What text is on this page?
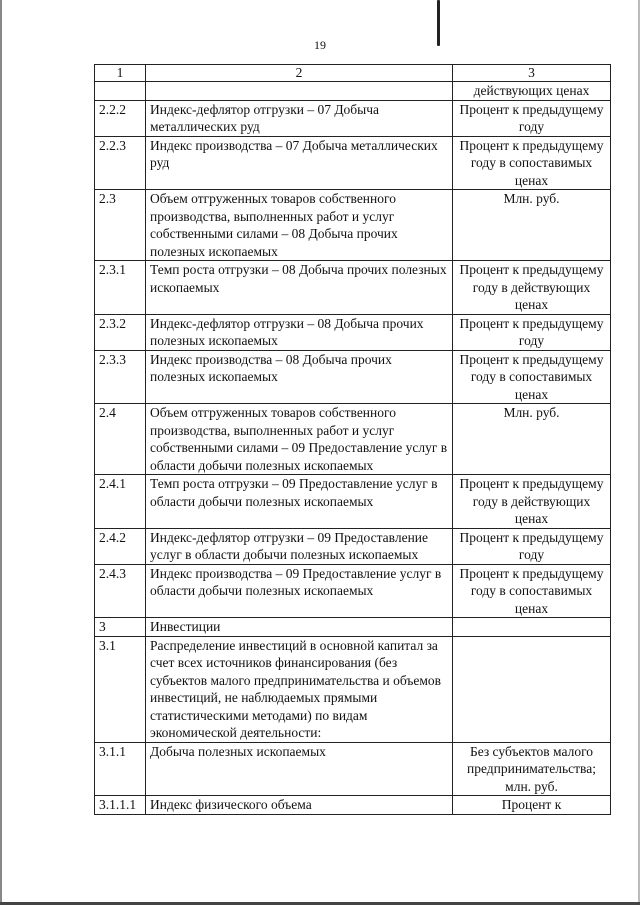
19
1	2	3
		действующих ценах
2.2.2	Индекс-дефлятор отгрузки – 07 Добыча металлических руд	Процент к предыдущему году
2.2.3	Индекс производства – 07 Добыча металлических руд	Процент к предыдущему году в сопоставимых ценах
2.3	Объем отгруженных товаров собственного производства, выполненных работ и услуг собственными силами – 08 Добыча прочих полезных ископаемых	Млн. руб.
2.3.1	Темп роста отгрузки – 08 Добыча прочих полезных ископаемых	Процент к предыдущему году в действующих ценах
2.3.2	Индекс-дефлятор отгрузки – 08 Добыча прочих полезных ископаемых	Процент к предыдущему году
2.3.3	Индекс производства – 08 Добыча прочих полезных ископаемых	Процент к предыдущему году в сопоставимых ценах
2.4	Объем отгруженных товаров собственного производства, выполненных работ и услуг собственными силами – 09 Предоставление услуг в области добычи полезных ископаемых	Млн. руб.
2.4.1	Темп роста отгрузки – 09 Предоставление услуг в области добычи полезных ископаемых	Процент к предыдущему году в действующих ценах
2.4.2	Индекс-дефлятор отгрузки – 09 Предоставление услуг в области добычи полезных ископаемых	Процент к предыдущему году
2.4.3	Индекс производства – 09 Предоставление услуг в области добычи полезных ископаемых	Процент к предыдущему году в сопоставимых ценах
3	Инвестиции	
3.1	Распределение инвестиций в основной капитал за счет всех источников финансирования (без субъектов малого предпринимательства и объемов инвестиций, не наблюдаемых прямыми статистическими методами) по видам экономической деятельности:	
3.1.1	Добыча полезных ископаемых	Без субъектов малого предпринимательства; млн. руб.
3.1.1.1	Индекс физического объема	Процент к
